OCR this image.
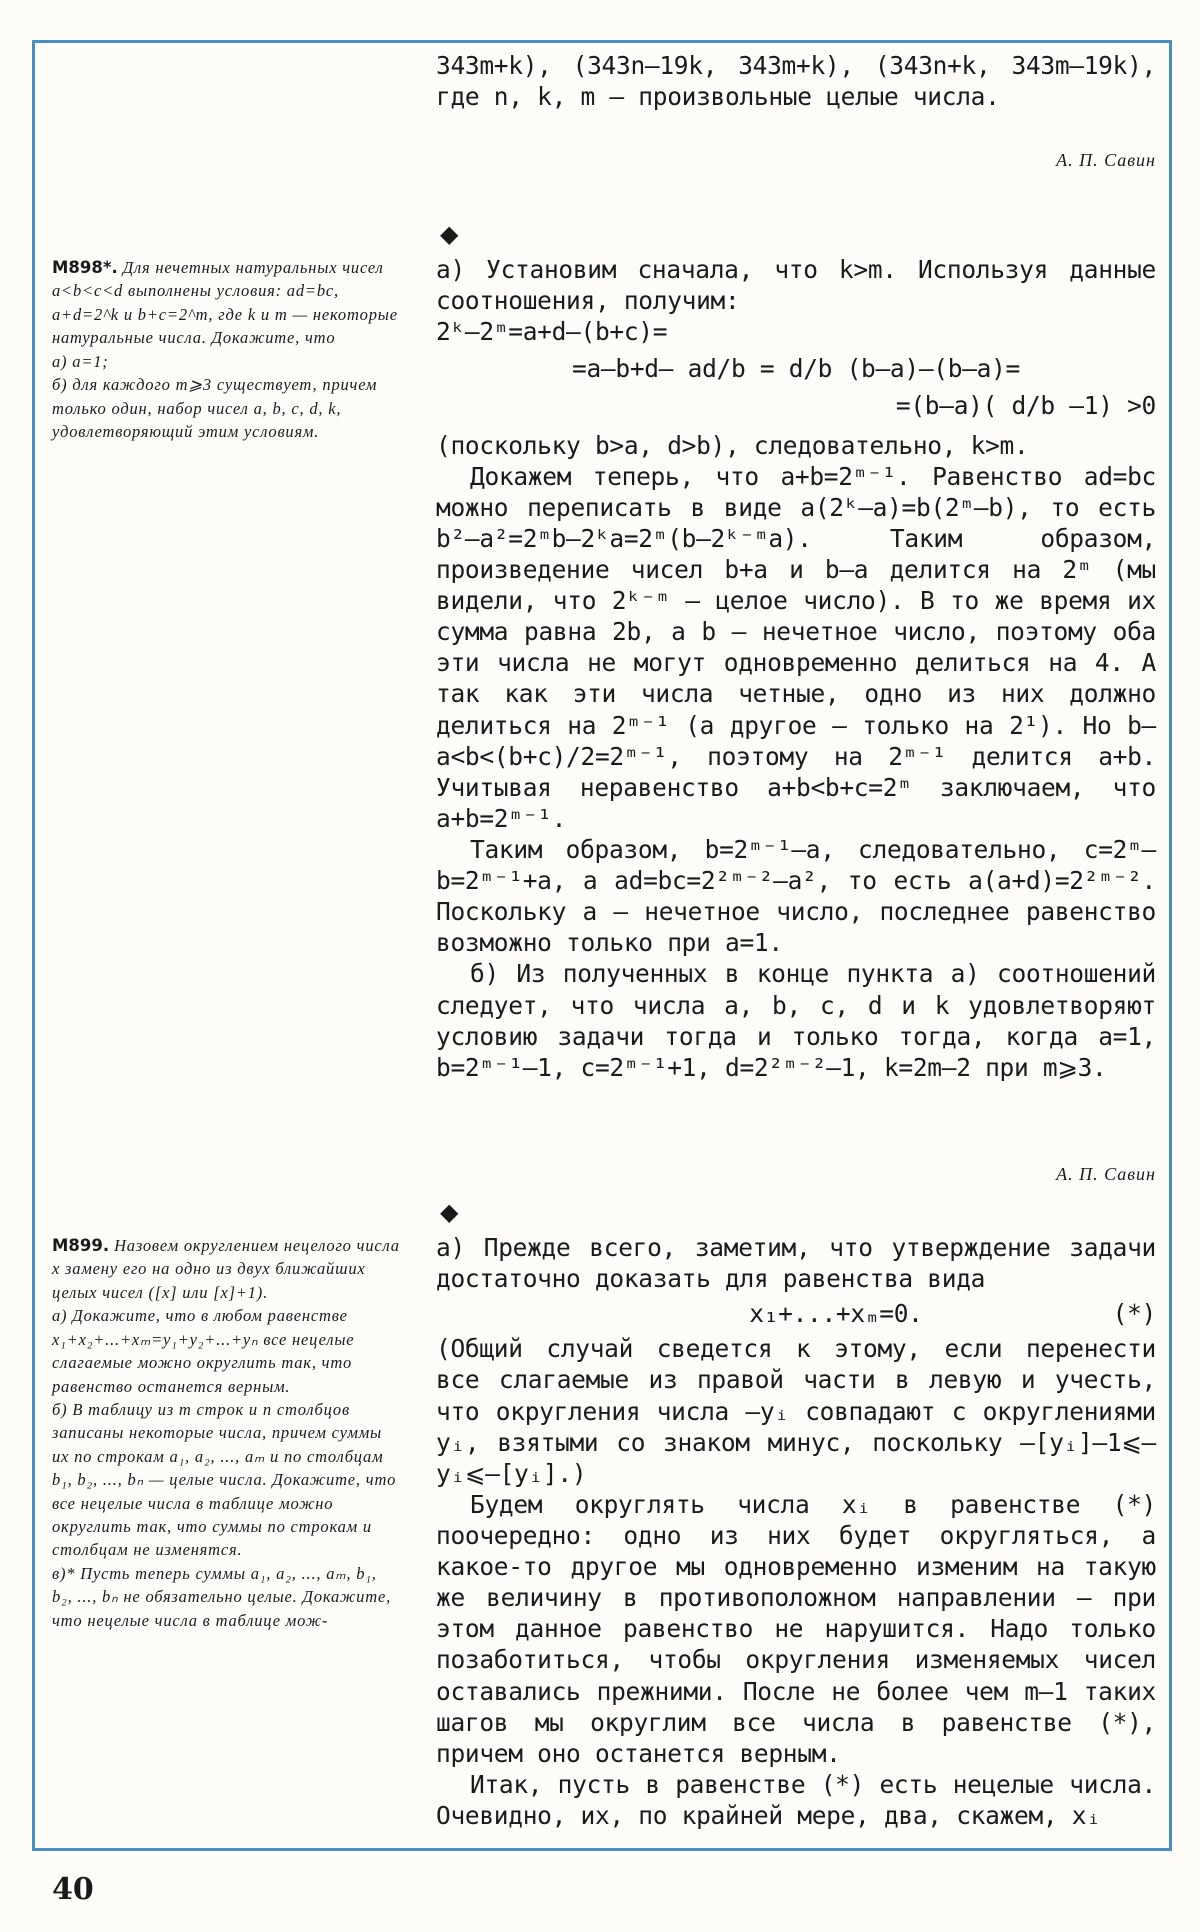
343m+k), (343n—19k, 343m+k), (343n+k, 343m—19k), где n, k, m — произвольные целые числа.

А. П. Савин

M898*. Для нечетных натуральных чисел a<b<c<d выполнены условия: ad=bc, a+d=2^k и b+c=2^m, где k и m — некоторые натуральные числа. Докажите, что

а) a=1;

б) для каждого m⩾3 существует, причем только один, набор чисел a, b, c, d, k, удовлетворяющий этим условиям.

◆

а) Установим сначала, что k>m. Используя данные соотношения, получим:

2ᵏ—2ᵐ=a+d—(b+c)=
=a—b+d— ad/b = d/b (b—a)—(b—a)=
=(b—a)( d/b —1) >0

(поскольку b>a, d>b), следовательно, k>m.

Докажем теперь, что a+b=2ᵐ⁻¹. Равенство ad=bc можно переписать в виде a(2ᵏ—a)=b(2ᵐ—b), то есть b²—a²=2ᵐb—2ᵏa=2ᵐ(b—2ᵏ⁻ᵐa). Таким образом, произведение чисел b+a и b—a делится на 2ᵐ (мы видели, что 2ᵏ⁻ᵐ — целое число). В то же время их сумма равна 2b, а b — нечетное число, поэтому оба эти числа не могут одновременно делиться на 4. А так как эти числа четные, одно из них должно делиться на 2ᵐ⁻¹ (а другое — только на 2¹). Но b—a<b<(b+c)/2=2ᵐ⁻¹, поэтому на 2ᵐ⁻¹ делится a+b. Учитывая неравенство a+b<b+c=2ᵐ заключаем, что a+b=2ᵐ⁻¹.

Таким образом, b=2ᵐ⁻¹—a, следовательно, c=2ᵐ—b=2ᵐ⁻¹+a, а ad=bc=2²ᵐ⁻²—a², то есть a(a+d)=2²ᵐ⁻². Поскольку a — нечетное число, последнее равенство возможно только при a=1.

б) Из полученных в конце пункта а) соотношений следует, что числа a, b, c, d и k удовлетворяют условию задачи тогда и только тогда, когда a=1, b=2ᵐ⁻¹—1, c=2ᵐ⁻¹+1, d=2²ᵐ⁻²—1, k=2m—2 при m⩾3.

А. П. Савин

M899. Назовем округлением нецелого числа x замену его на одно из двух ближайших целых чисел ([x] или [x]+1).

а) Докажите, что в любом равенстве x₁+x₂+...+xₘ=y₁+y₂+...+yₙ все нецелые слагаемые можно округлить так, что равенство останется верным.

б) В таблицу из m строк и n столбцов записаны некоторые числа, причем суммы их по строкам a₁, a₂, ..., aₘ и по столбцам b₁, b₂, ..., bₙ — целые числа. Докажите, что все нецелые числа в таблице можно округлить так, что суммы по строкам и столбцам не изменятся.

в)* Пусть теперь суммы a₁, a₂, ..., aₘ, b₁, b₂, ..., bₙ не обязательно целые. Докажите, что нецелые числа в таблице мож-

◆

а) Прежде всего, заметим, что утверждение задачи достаточно доказать для равенства вида

x₁+...+xₘ=0.	(*)

(Общий случай сведется к этому, если перенести все слагаемые из правой части в левую и учесть, что округления числа —yᵢ совпадают с округлениями yᵢ, взятыми со знаком минус, поскольку —[yᵢ]—1⩽—yᵢ⩽—[yᵢ].)

Будем округлять числа xᵢ в равенстве (*) поочередно: одно из них будет округляться, а какое-то другое мы одновременно изменим на такую же величину в противоположном направлении — при этом данное равенство не нарушится. Надо только позаботиться, чтобы округления изменяемых чисел оставались прежними. После не более чем m—1 таких шагов мы округлим все числа в равенстве (*), причем оно останется верным.

Итак, пусть в равенстве (*) есть нецелые числа. Очевидно, их, по крайней мере, два, скажем, xᵢ

40
